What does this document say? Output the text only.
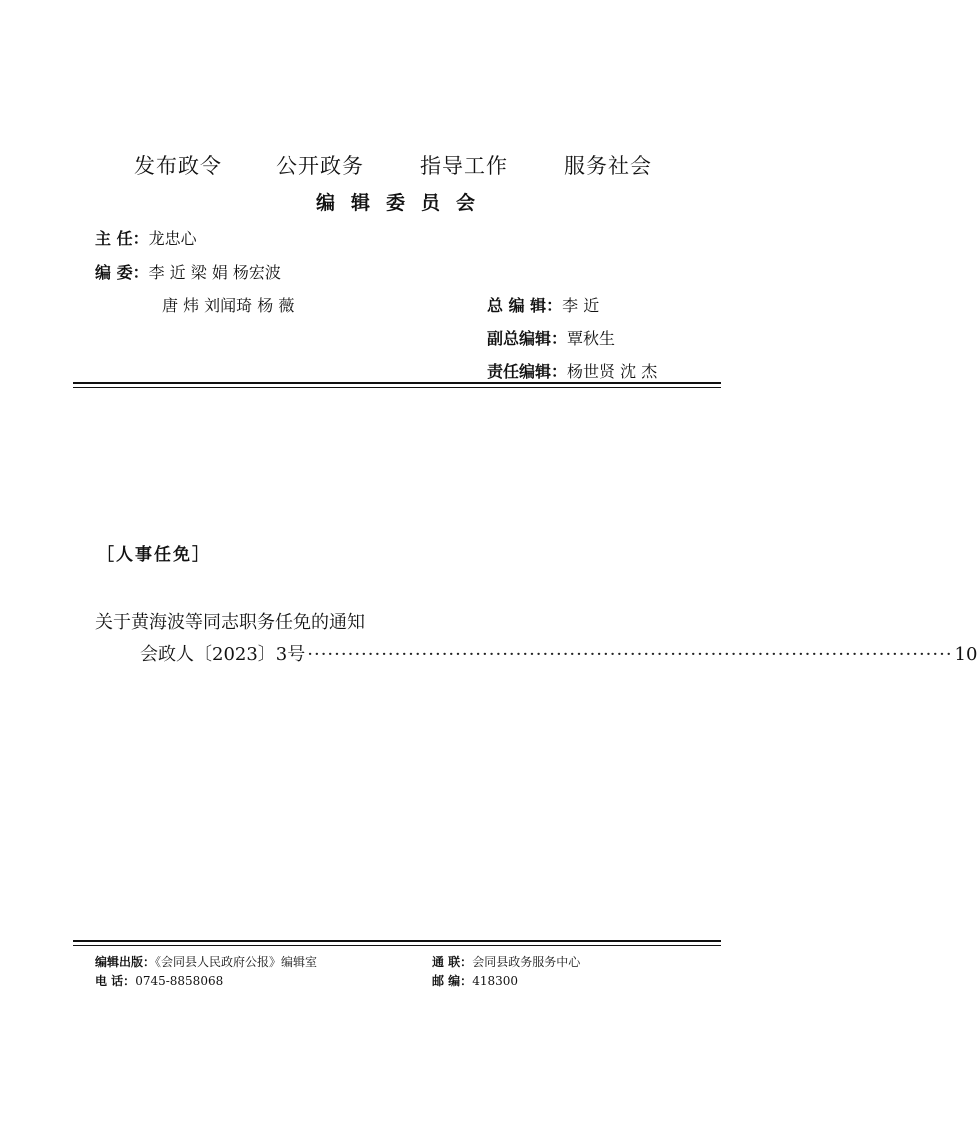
发布政令	公开政务	指导工作	服务社会
编辑委员会
主 任：龙忠心
编 委：李 近 梁 娟 杨宏波
唐 炜 刘闻琦 杨 薇	总 编 辑：李 近
副总编辑：覃秋生
责任编辑：杨世贤 沈 杰
［人事任免］
关于黄海波等同志职务任免的通知
会政人〔2023〕3号 ································································································ 10
编辑出版：《会同县人民政府公报》编辑室	通 联：会同县政务服务中心
电 话：0745-8858068	邮 编：418300
